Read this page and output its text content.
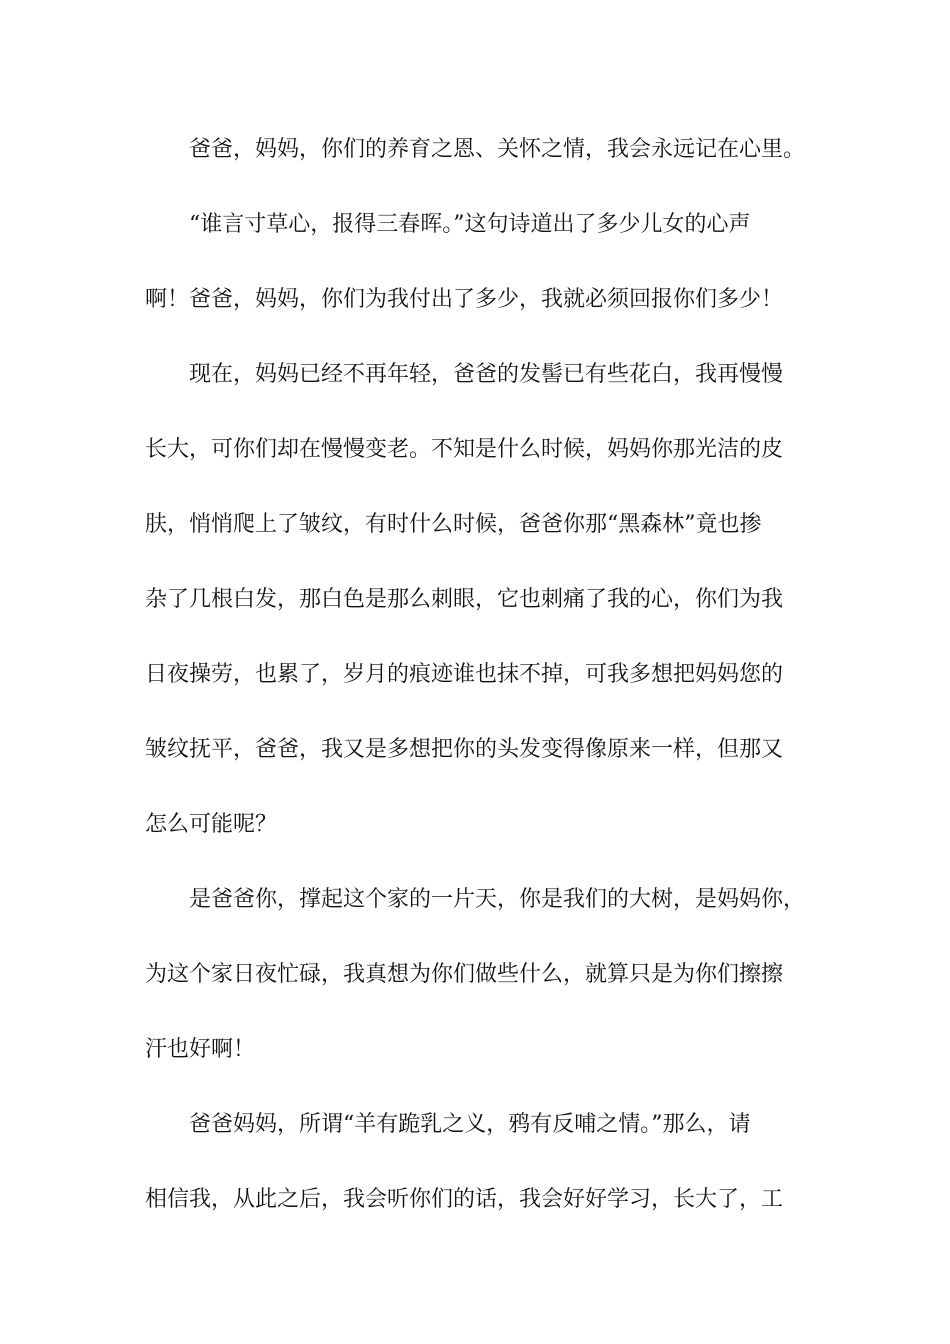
爸爸，妈妈，你们的养育之恩、关怀之情，我会永远记在心里。
“谁言寸草心，报得三春晖。”这句诗道出了多少儿女的心声
啊！爸爸，妈妈，你们为我付出了多少，我就必须回报你们多少！
现在，妈妈已经不再年轻，爸爸的发髻已有些花白，我再慢慢
长大，可你们却在慢慢变老。不知是什么时候，妈妈你那光洁的皮
肤，悄悄爬上了皱纹，有时什么时候，爸爸你那“黑森林”竟也掺
杂了几根白发，那白色是那么刺眼，它也刺痛了我的心，你们为我
日夜操劳，也累了，岁月的痕迹谁也抹不掉，可我多想把妈妈您的
皱纹抚平，爸爸，我又是多想把你的头发变得像原来一样，但那又
怎么可能呢？
是爸爸你，撑起这个家的一片天，你是我们的大树，是妈妈你，
为这个家日夜忙碌，我真想为你们做些什么，就算只是为你们擦擦
汗也好啊！
爸爸妈妈，所谓“羊有跪乳之义，鸦有反哺之情。”那么，请
相信我，从此之后，我会听你们的话，我会好好学习，长大了，工
